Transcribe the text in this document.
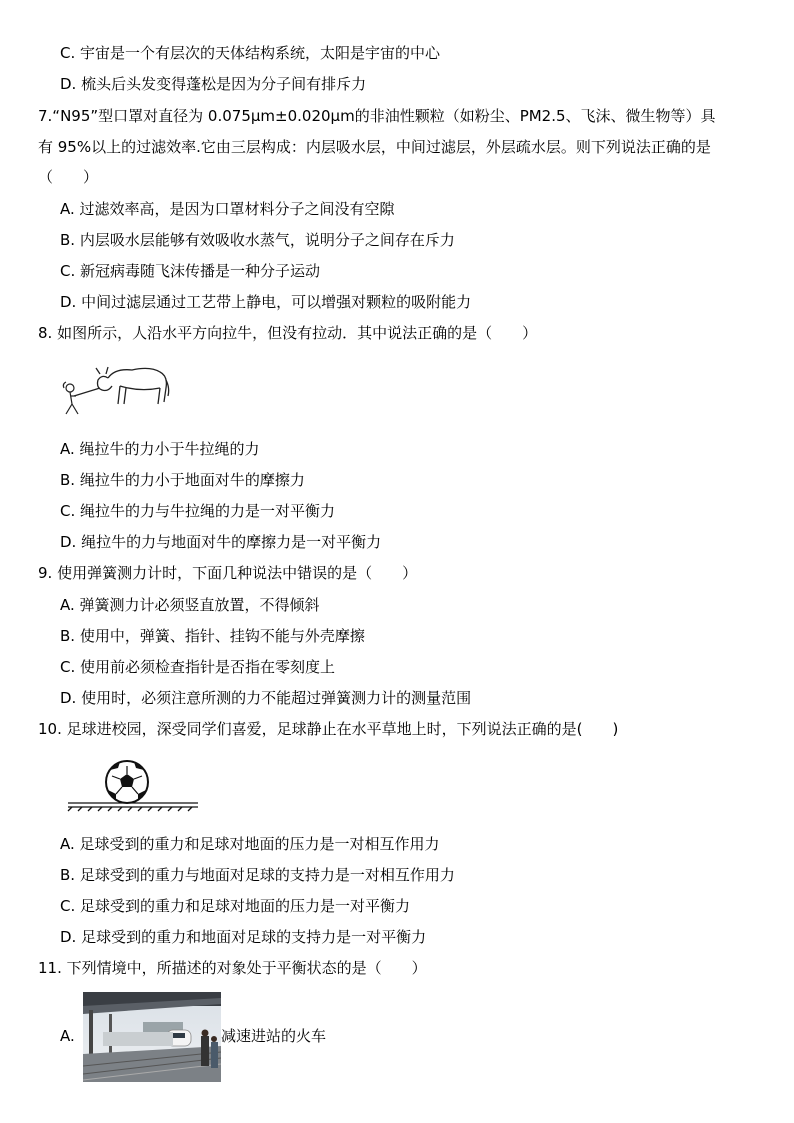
C. 宇宙是一个有层次的天体结构系统，太阳是宇宙的中心
D. 梳头后头发变得蓬松是因为分子间有排斥力
7.“N95”型口罩对直径为 0.075μm±0.020μm的非油性颗粒（如粉尘、PM2.5、飞沫、微生物等）具
有 95%以上的过滤效率.它由三层构成：内层吸水层，中间过滤层，外层疏水层。则下列说法正确的是
（　　）
A. 过滤效率高，是因为口罩材料分子之间没有空隙
B. 内层吸水层能够有效吸收水蒸气，说明分子之间存在斥力
C. 新冠病毒随飞沫传播是一种分子运动
D. 中间过滤层通过工艺带上静电，可以增强对颗粒的吸附能力
8. 如图所示，人沿水平方向拉牛，但没有拉动．其中说法正确的是（　　）
A. 绳拉牛的力小于牛拉绳的力
B. 绳拉牛的力小于地面对牛的摩擦力
C. 绳拉牛的力与牛拉绳的力是一对平衡力
D. 绳拉牛的力与地面对牛的摩擦力是一对平衡力
9. 使用弹簧测力计时，下面几种说法中错误的是（　　）
A. 弹簧测力计必须竖直放置，不得倾斜
B. 使用中，弹簧、指针、挂钩不能与外壳摩擦
C. 使用前必须检查指针是否指在零刻度上
D. 使用时，必须注意所测的力不能超过弹簧测力计的测量范围
10. 足球进校园，深受同学们喜爱，足球静止在水平草地上时，下列说法正确的是(　　)
A. 足球受到的重力和足球对地面的压力是一对相互作用力
B. 足球受到的重力与地面对足球的支持力是一对相互作用力
C. 足球受到的重力和足球对地面的压力是一对平衡力
D. 足球受到的重力和地面对足球的支持力是一对平衡力
11. 下列情境中，所描述的对象处于平衡状态的是（　　）
A.	减速进站的火车
